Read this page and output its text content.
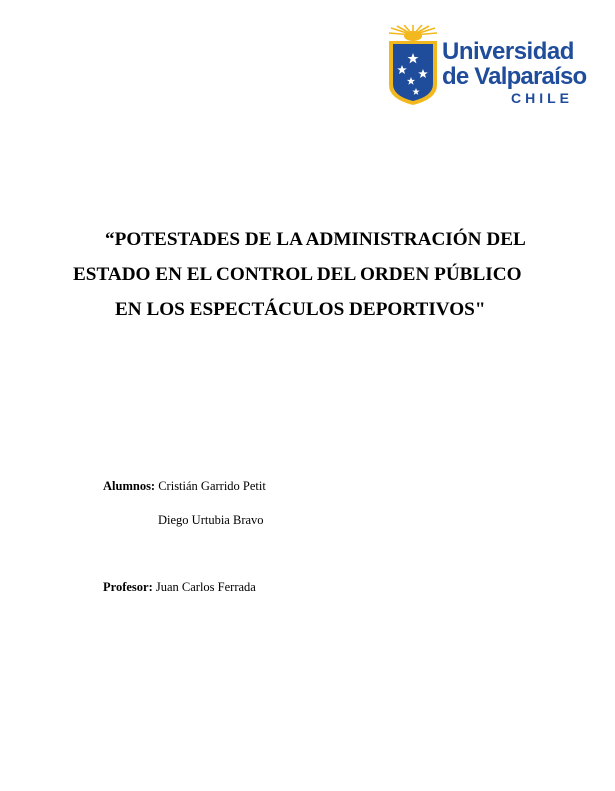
Universidad
de Valparaíso
CHILE
“POTESTADES DE LA ADMINISTRACIÓN DEL
ESTADO EN EL CONTROL DEL ORDEN PÚBLICO
EN LOS ESPECTÁCULOS DEPORTIVOS"
Alumnos: Cristián Garrido Petit
Diego Urtubia Bravo
Profesor: Juan Carlos Ferrada
